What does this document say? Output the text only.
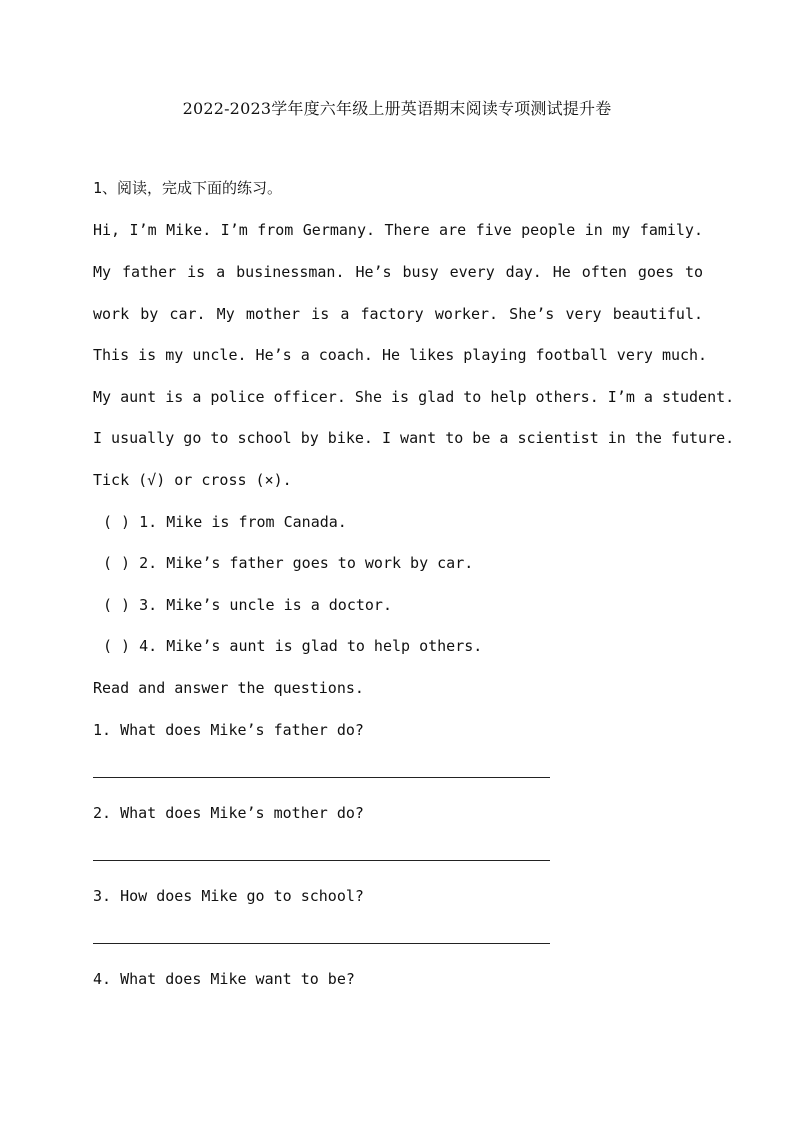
2022-2023学年度六年级上册英语期末阅读专项测试提升卷
1、阅读，完成下面的练习。
Hi, I’m Mike. I’m from Germany. There are five people in my family.
My father is a businessman. He’s busy every day. He often goes to
work by car. My mother is a factory worker. She’s very beautiful.
This is my uncle. He’s a coach. He likes playing football very much.
My aunt is a police officer. She is glad to help others. I’m a student.
I usually go to school by bike. I want to be a scientist in the future.
Tick (√) or cross (×).
( ) 1. Mike is from Canada.
( ) 2. Mike’s father goes to work by car.
( ) 3. Mike’s uncle is a doctor.
( ) 4. Mike’s aunt is glad to help others.
Read and answer the questions.
1. What does Mike’s father do?
2. What does Mike’s mother do?
3. How does Mike go to school?
4. What does Mike want to be?
